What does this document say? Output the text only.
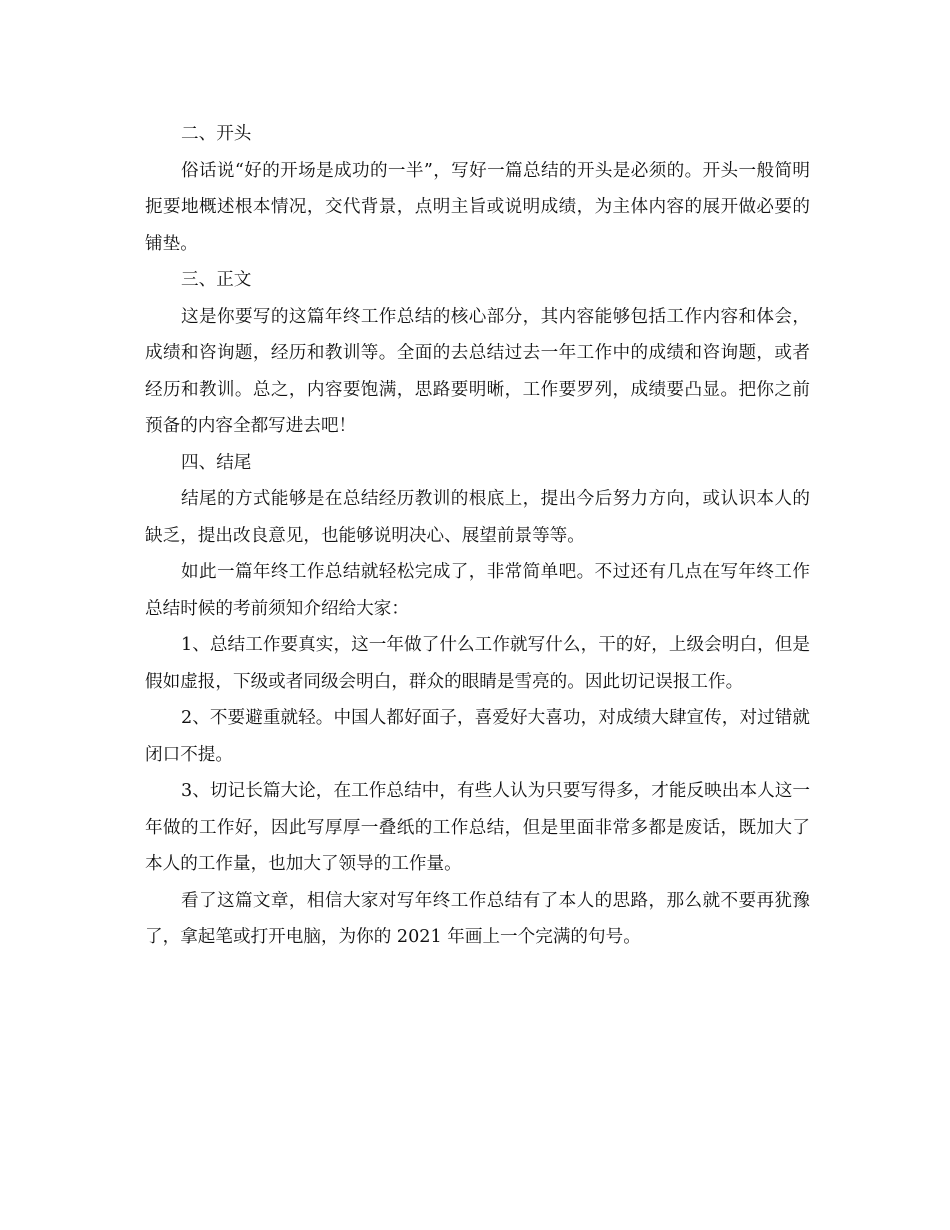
二、开头

俗话说“好的开场是成功的一半”，写好一篇总结的开头是必须的。开头一般简明扼要地概述根本情况，交代背景，点明主旨或说明成绩，为主体内容的展开做必要的铺垫。

三、正文

这是你要写的这篇年终工作总结的核心部分，其内容能够包括工作内容和体会，成绩和咨询题，经历和教训等。全面的去总结过去一年工作中的成绩和咨询题，或者经历和教训。总之，内容要饱满，思路要明晰，工作要罗列，成绩要凸显。把你之前预备的内容全都写进去吧！

四、结尾

结尾的方式能够是在总结经历教训的根底上，提出今后努力方向，或认识本人的缺乏，提出改良意见，也能够说明决心、展望前景等等。

如此一篇年终工作总结就轻松完成了，非常简单吧。不过还有几点在写年终工作总结时候的考前须知介绍给大家：

1、总结工作要真实，这一年做了什么工作就写什么，干的好，上级会明白，但是假如虚报，下级或者同级会明白，群众的眼睛是雪亮的。因此切记误报工作。

2、不要避重就轻。中国人都好面子，喜爱好大喜功，对成绩大肆宣传，对过错就闭口不提。

3、切记长篇大论，在工作总结中，有些人认为只要写得多，才能反映出本人这一年做的工作好，因此写厚厚一叠纸的工作总结，但是里面非常多都是废话，既加大了本人的工作量，也加大了领导的工作量。

看了这篇文章，相信大家对写年终工作总结有了本人的思路，那么就不要再犹豫了，拿起笔或打开电脑，为你的 2021 年画上一个完满的句号。
